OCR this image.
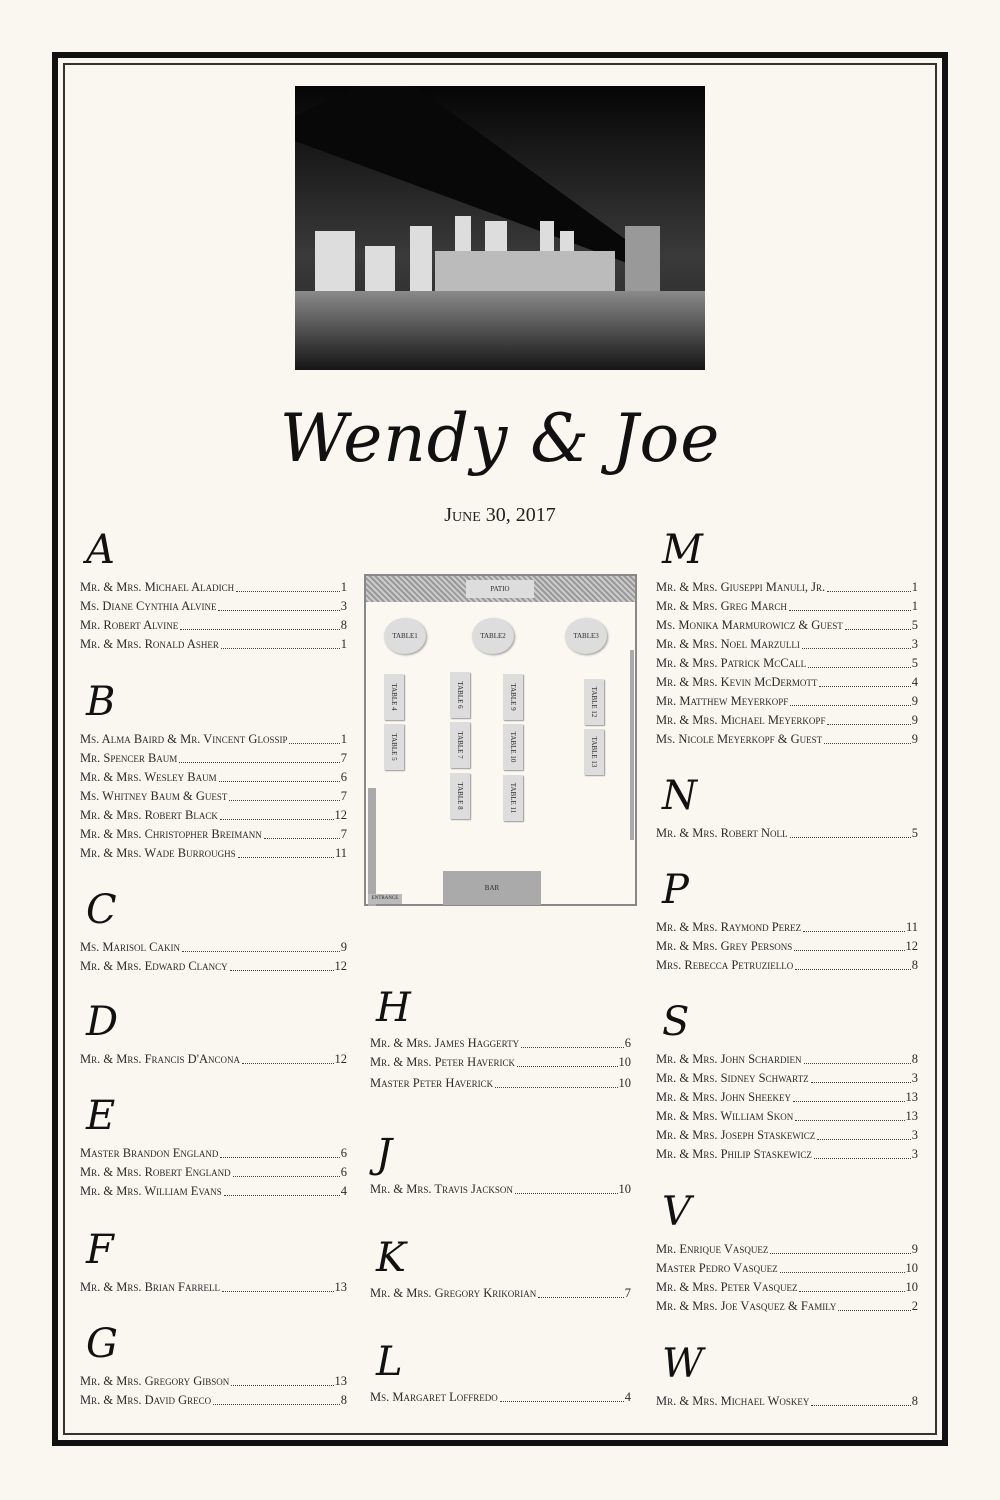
Wendy & Joe
June 30, 2017
PATIO
TABLE1	TABLE2	TABLE3
TABLE 4
TABLE 5
TABLE 6
TABLE 7
TABLE 8
TABLE 9
TABLE 10
TABLE 11
TABLE 12
TABLE 13
ENTRANCE
BAR
A
Mr. & Mrs. Michael Aladich	1
Ms. Diane Cynthia Alvine	3
Mr. Robert Alvine	8
Mr. & Mrs. Ronald Asher	1
B
Ms. Alma Baird & Mr. Vincent Glossip	1
Mr. Spencer Baum	7
Mr. & Mrs. Wesley Baum	6
Ms. Whitney Baum & Guest	7
Mr. & Mrs. Robert Black	12
Mr. & Mrs. Christopher Breimann	7
Mr. & Mrs. Wade Burroughs	11
C
Ms. Marisol Cakin	9
Mr. & Mrs. Edward Clancy	12
D
Mr. & Mrs. Francis D'Ancona	12
E
Master Brandon England	6
Mr. & Mrs. Robert England	6
Mr. & Mrs. William Evans	4
F
Mr. & Mrs. Brian Farrell	13
G
Mr. & Mrs. Gregory Gibson	13
Mr. & Mrs. David Greco	8
H
Mr. & Mrs. James Haggerty	6
Mr. & Mrs. Peter Haverick	10
Master Peter Haverick	10
J
Mr. & Mrs. Travis Jackson	10
K
Mr. & Mrs. Gregory Krikorian	7
L
Ms. Margaret Loffredo	4
M
Mr. & Mrs. Giuseppi Manuli, Jr.	1
Mr. & Mrs. Greg March	1
Ms. Monika Marmurowicz & Guest	5
Mr. & Mrs. Noel Marzulli	3
Mr. & Mrs. Patrick McCall	5
Mr. & Mrs. Kevin McDermott	4
Mr. Matthew Meyerkopf	9
Mr. & Mrs. Michael Meyerkopf	9
Ms. Nicole Meyerkopf & Guest	9
N
Mr. & Mrs. Robert Noll	5
P
Mr. & Mrs. Raymond Perez	11
Mr. & Mrs. Grey Persons	12
Mrs. Rebecca Petruziello	8
S
Mr. & Mrs. John Schardien	8
Mr. & Mrs. Sidney Schwartz	3
Mr. & Mrs. John Sheekey	13
Mr. & Mrs. William Skon	13
Mr. & Mrs. Joseph Staskewicz	3
Mr. & Mrs. Philip Staskewicz	3
V
Mr. Enrique Vasquez	9
Master Pedro Vasquez	10
Mr. & Mrs. Peter Vasquez	10
Mr. & Mrs. Joe Vasquez & Family	2
W
Mr. & Mrs. Michael Woskey	8
